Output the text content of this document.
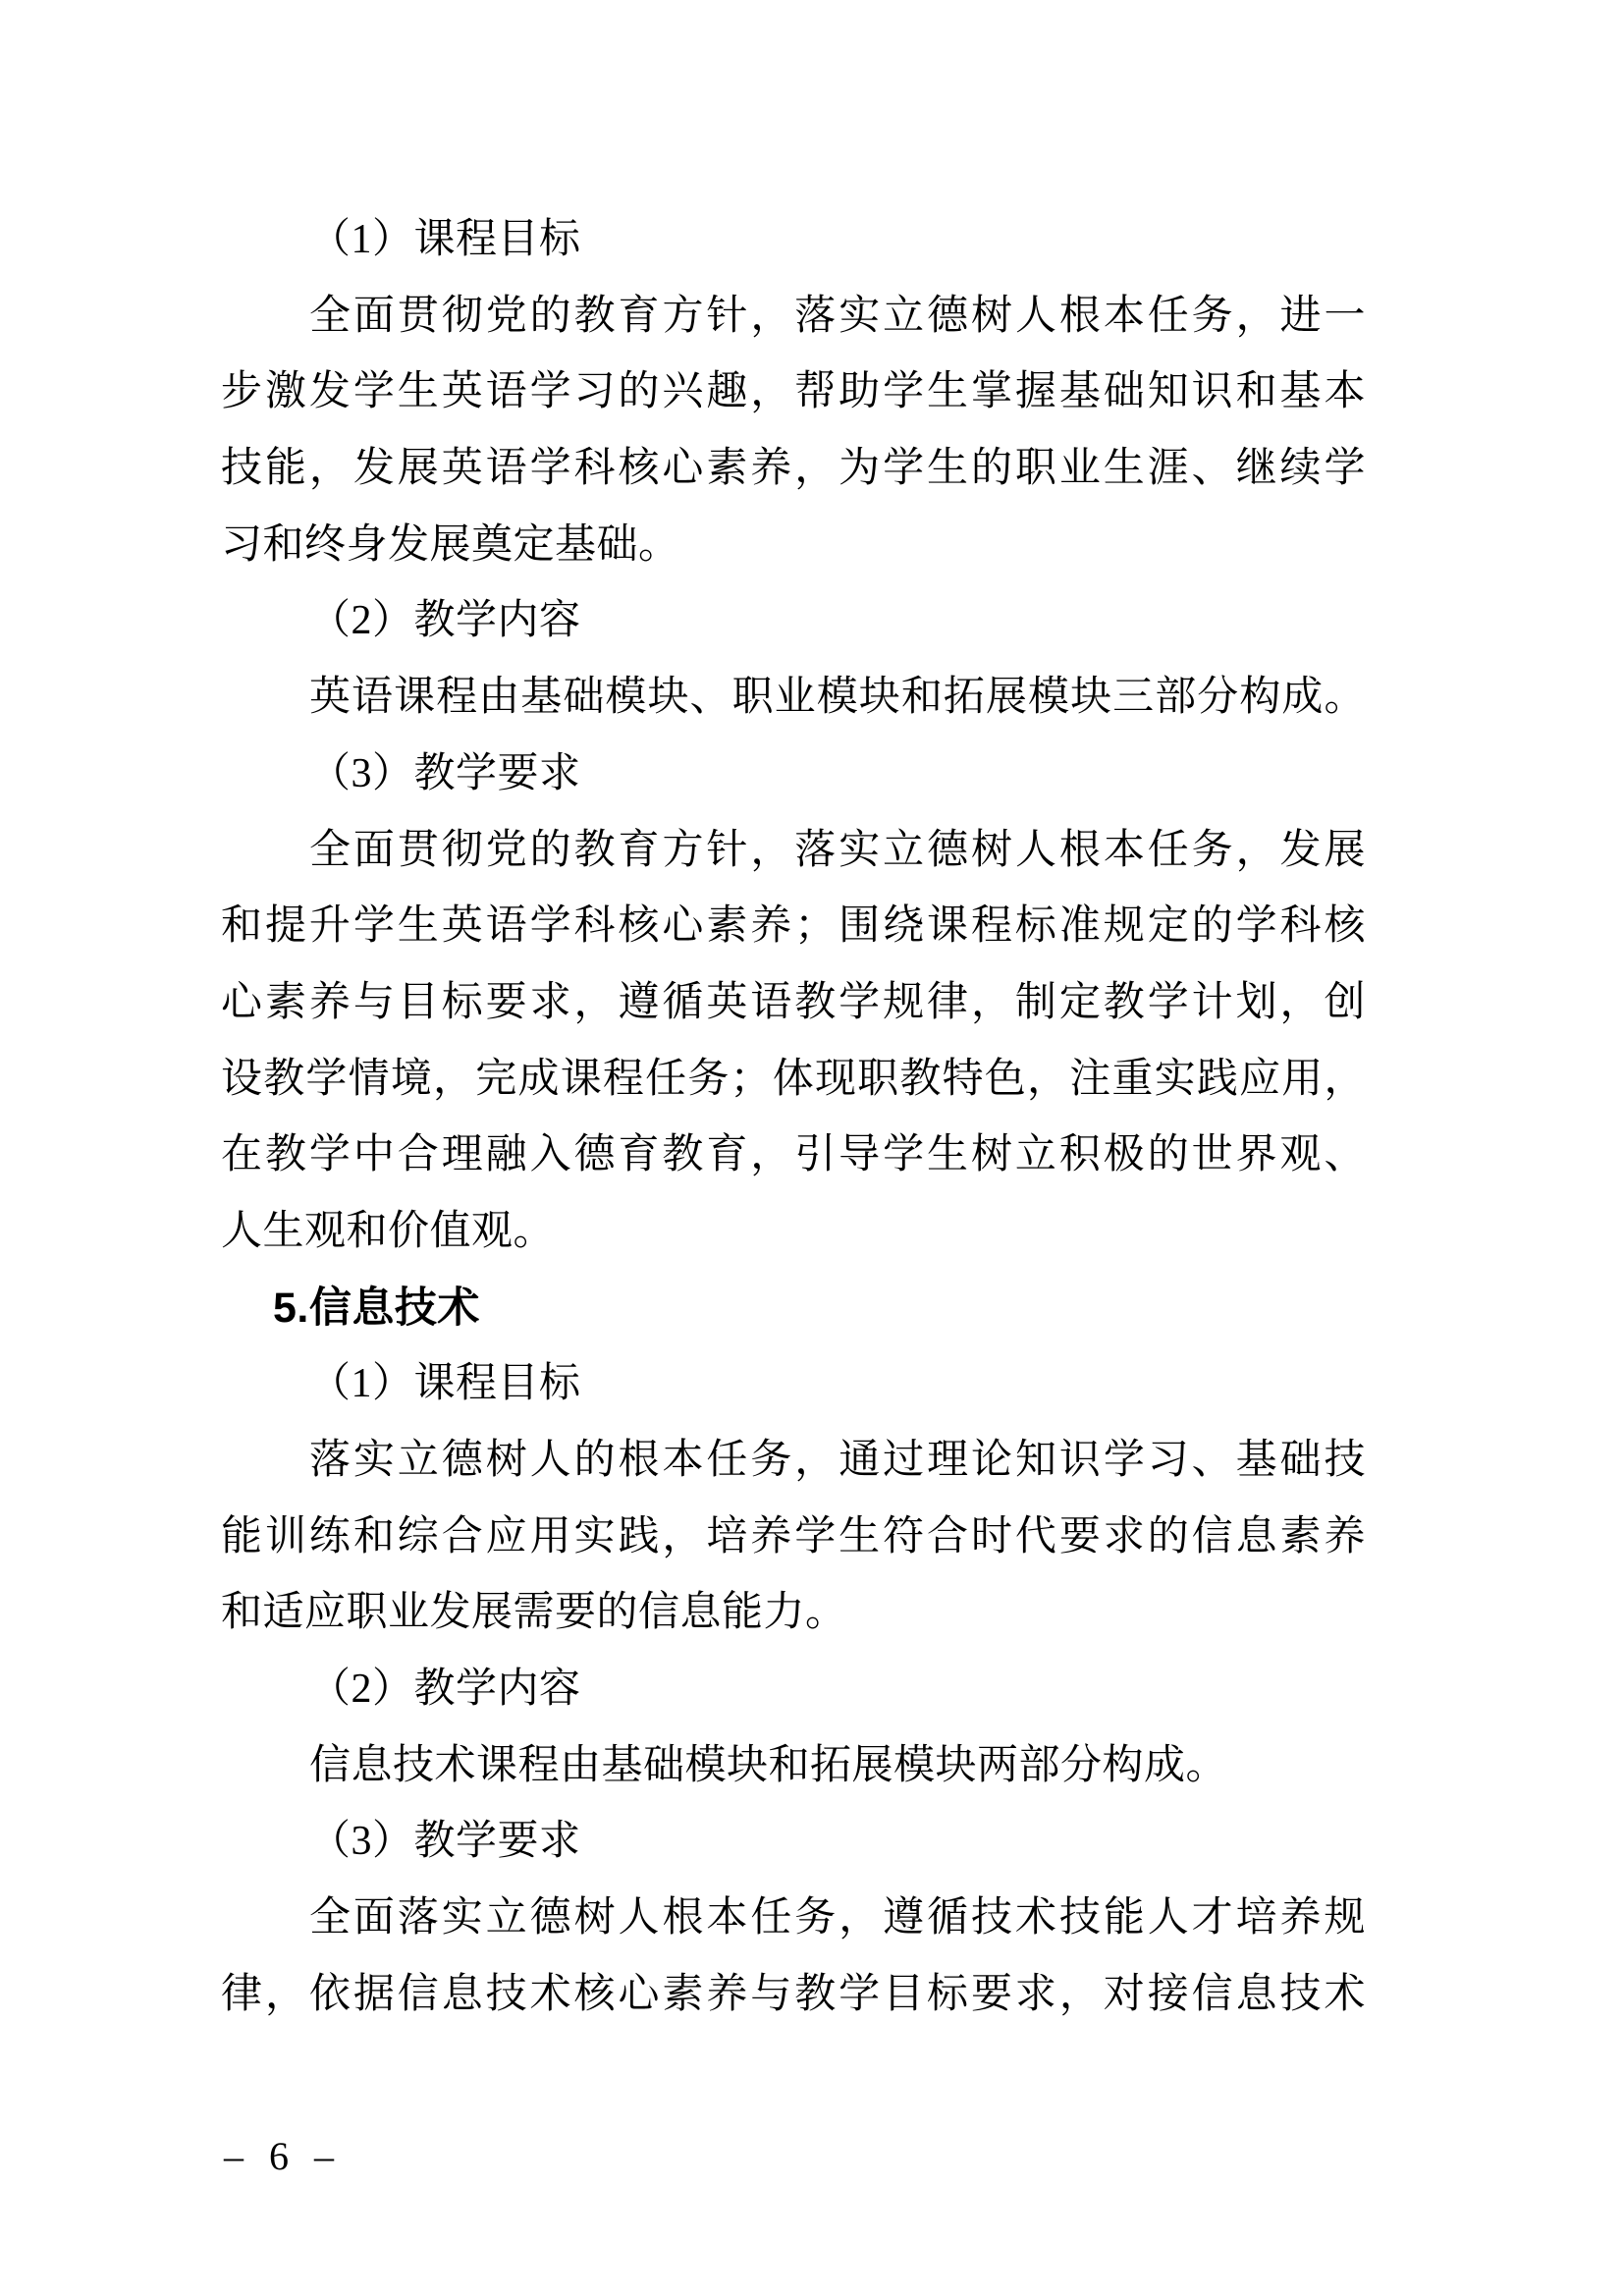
（1）课程目标
全面贯彻党的教育方针，落实立德树人根本任务，进一
步激发学生英语学习的兴趣，帮助学生掌握基础知识和基本
技能，发展英语学科核心素养，为学生的职业生涯、继续学
习和终身发展奠定基础。
（2）教学内容
英语课程由基础模块、职业模块和拓展模块三部分构成。
（3）教学要求
全面贯彻党的教育方针，落实立德树人根本任务，发展
和提升学生英语学科核心素养；围绕课程标准规定的学科核
心素养与目标要求，遵循英语教学规律，制定教学计划，创
设教学情境，完成课程任务；体现职教特色，注重实践应用，
在教学中合理融入德育教育，引导学生树立积极的世界观、
人生观和价值观。
5.信息技术
（1）课程目标
落实立德树人的根本任务，通过理论知识学习、基础技
能训练和综合应用实践，培养学生符合时代要求的信息素养
和适应职业发展需要的信息能力。
（2）教学内容
信息技术课程由基础模块和拓展模块两部分构成。
（3）教学要求
全面落实立德树人根本任务，遵循技术技能人才培养规
律，依据信息技术核心素养与教学目标要求，对接信息技术
– 6 –
